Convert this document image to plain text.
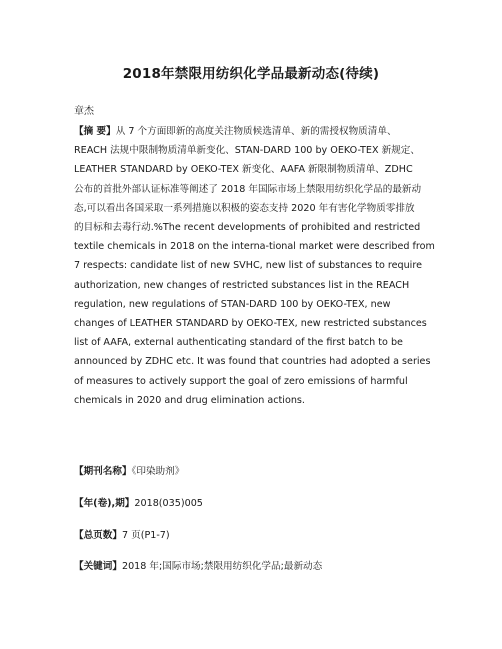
2018年禁限用纺织化学品最新动态(待续)
章杰

【摘 要】从 7 个方面即新的高度关注物质候选清单、新的需授权物质清单、
REACH 法规中限制物质清单新变化、STAN-DARD 100 by OEKO-TEX 新规定、
LEATHER STANDARD by OEKO-TEX 新变化、AAFA 新限制物质清单、ZDHC
公布的首批外部认证标准等阐述了 2018 年国际市场上禁限用纺织化学品的最新动
态,可以看出各国采取一系列措施以积极的姿态支持 2020 年有害化学物质零排放
的目标和去毒行动.%The recent developments of prohibited and restricted
textile chemicals in 2018 on the interna-tional market were described from
7 respects: candidate list of new SVHC, new list of substances to require
authorization, new changes of restricted substances list in the REACH
regulation, new regulations of STAN-DARD 100 by OEKO-TEX, new
changes of LEATHER STANDARD by OEKO-TEX, new restricted substances
list of AAFA, external authenticating standard of the first batch to be
announced by ZDHC etc. It was found that countries had adopted a series
of measures to actively support the goal of zero emissions of harmful
chemicals in 2020 and drug elimination actions.

【期刊名称】《印染助剂》
【年(卷),期】2018(035)005
【总页数】7 页(P1-7)
【关键词】2018 年;国际市场;禁限用纺织化学品;最新动态
